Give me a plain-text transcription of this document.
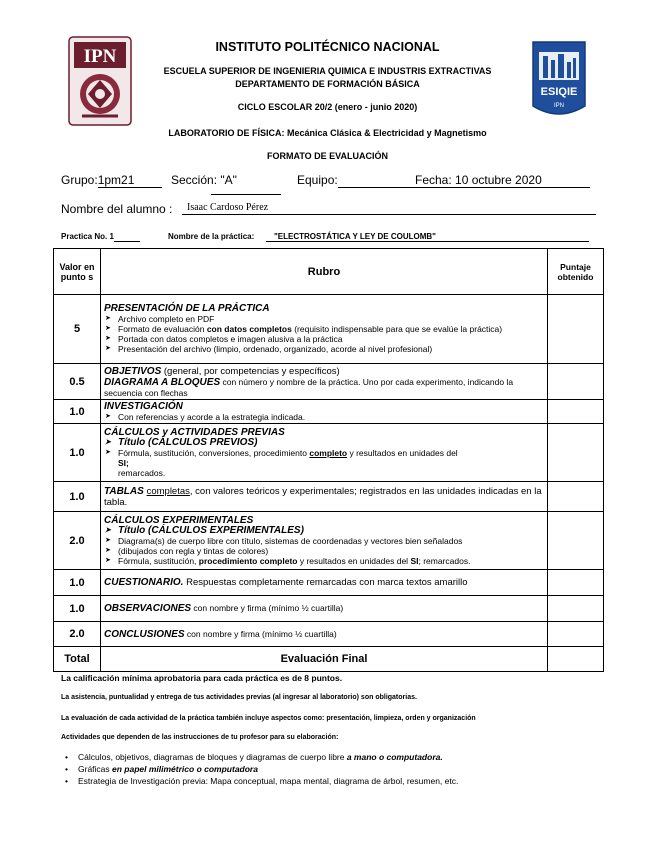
IPN
ESIQIE
IPN
INSTITUTO POLITÉCNICO NACIONAL
ESCUELA SUPERIOR DE INGENIERIA QUIMICA E INDUSTRIS EXTRACTIVAS
DEPARTAMENTO DE FORMACIÓN BÁSICA
CICLO ESCOLAR 20/2 (enero - junio 2020)
LABORATORIO DE FÍSICA: Mecánica Clásica & Electricidad y Magnetismo
FORMATO DE EVALUACIÓN
Grupo:1pm21	Sección: "A"	Equipo:	Fecha: 10 octubre 2020
Nombre del alumno :	Isaac Cardoso Pérez
Practica No. 1	Nombre de la práctica:	"ELECTROSTÁTICA Y LEY DE COULOMB"
Valor en punto s	Rubro	Puntaje obtenido
5	PRESENTACIÓN DE LA PRÁCTICA
➤ Archivo completo en PDF
➤ Formato de evaluación con datos completos (requisito indispensable para que se evalúe la práctica)
➤ Portada con datos completos e imagen alusiva a la práctica
➤ Presentación del archivo (limpio, ordenado, organizado, acorde al nivel profesional)

0.5	OBJETIVOS (general, por competencias y específicos)
DIAGRAMA A BLOQUES con número y nombre de la práctica. Uno por cada experimento, indicando la secuencia con flechas	

1.0	INVESTIGACIÓN
➤ Con referencias y acorde a la estrategia indicada.

1.0	CÁLCULOS y ACTIVIDADES PREVIAS
➤ Título (CÁLCULOS PREVIOS)
➤ Fórmula, sustitución, conversiones, procedimiento completo y resultados en unidades del
SI;
remarcados.

1.0	TABLAS completas, con valores teóricos y experimentales; registrados en las unidades indicadas en la tabla.	
2.0	CÁLCULOS EXPERIMENTALES
➤ Título (CÁLCULOS EXPERIMENTALES)
➤ Diagrama(s) de cuerpo libre con título, sistemas de coordenadas y vectores bien señalados
➤ (dibujados con regla y tintas de colores)
➤ Fórmula, sustitución, procedimiento completo y resultados en unidades del SI; remarcados.

1.0	CUESTIONARIO. Respuestas completamente remarcadas con marca textos amarillo	
1.0	OBSERVACIONES con nombre y firma (mínimo ½ cuartilla)	
2.0	CONCLUSIONES con nombre y firma (mínimo ½ cuartilla)	
Total	Evaluación Final	
La calificación mínima aprobatoria para cada práctica es de 8 puntos.
La asistencia, puntualidad y entrega de tus actividades previas (al ingresar al laboratorio) son obligatorias.
La evaluación de cada actividad de la práctica también incluye aspectos como: presentación, limpieza, orden y organización
Actividades que dependen de las instrucciones de tu profesor para su elaboración:
• Cálculos, objetivos, diagramas de bloques y diagramas de cuerpo libre a mano o computadora.
• Gráficas en papel milimétrico o computadora
• Estrategia de Investigación previa: Mapa conceptual, mapa mental, diagrama de árbol, resumen, etc.
